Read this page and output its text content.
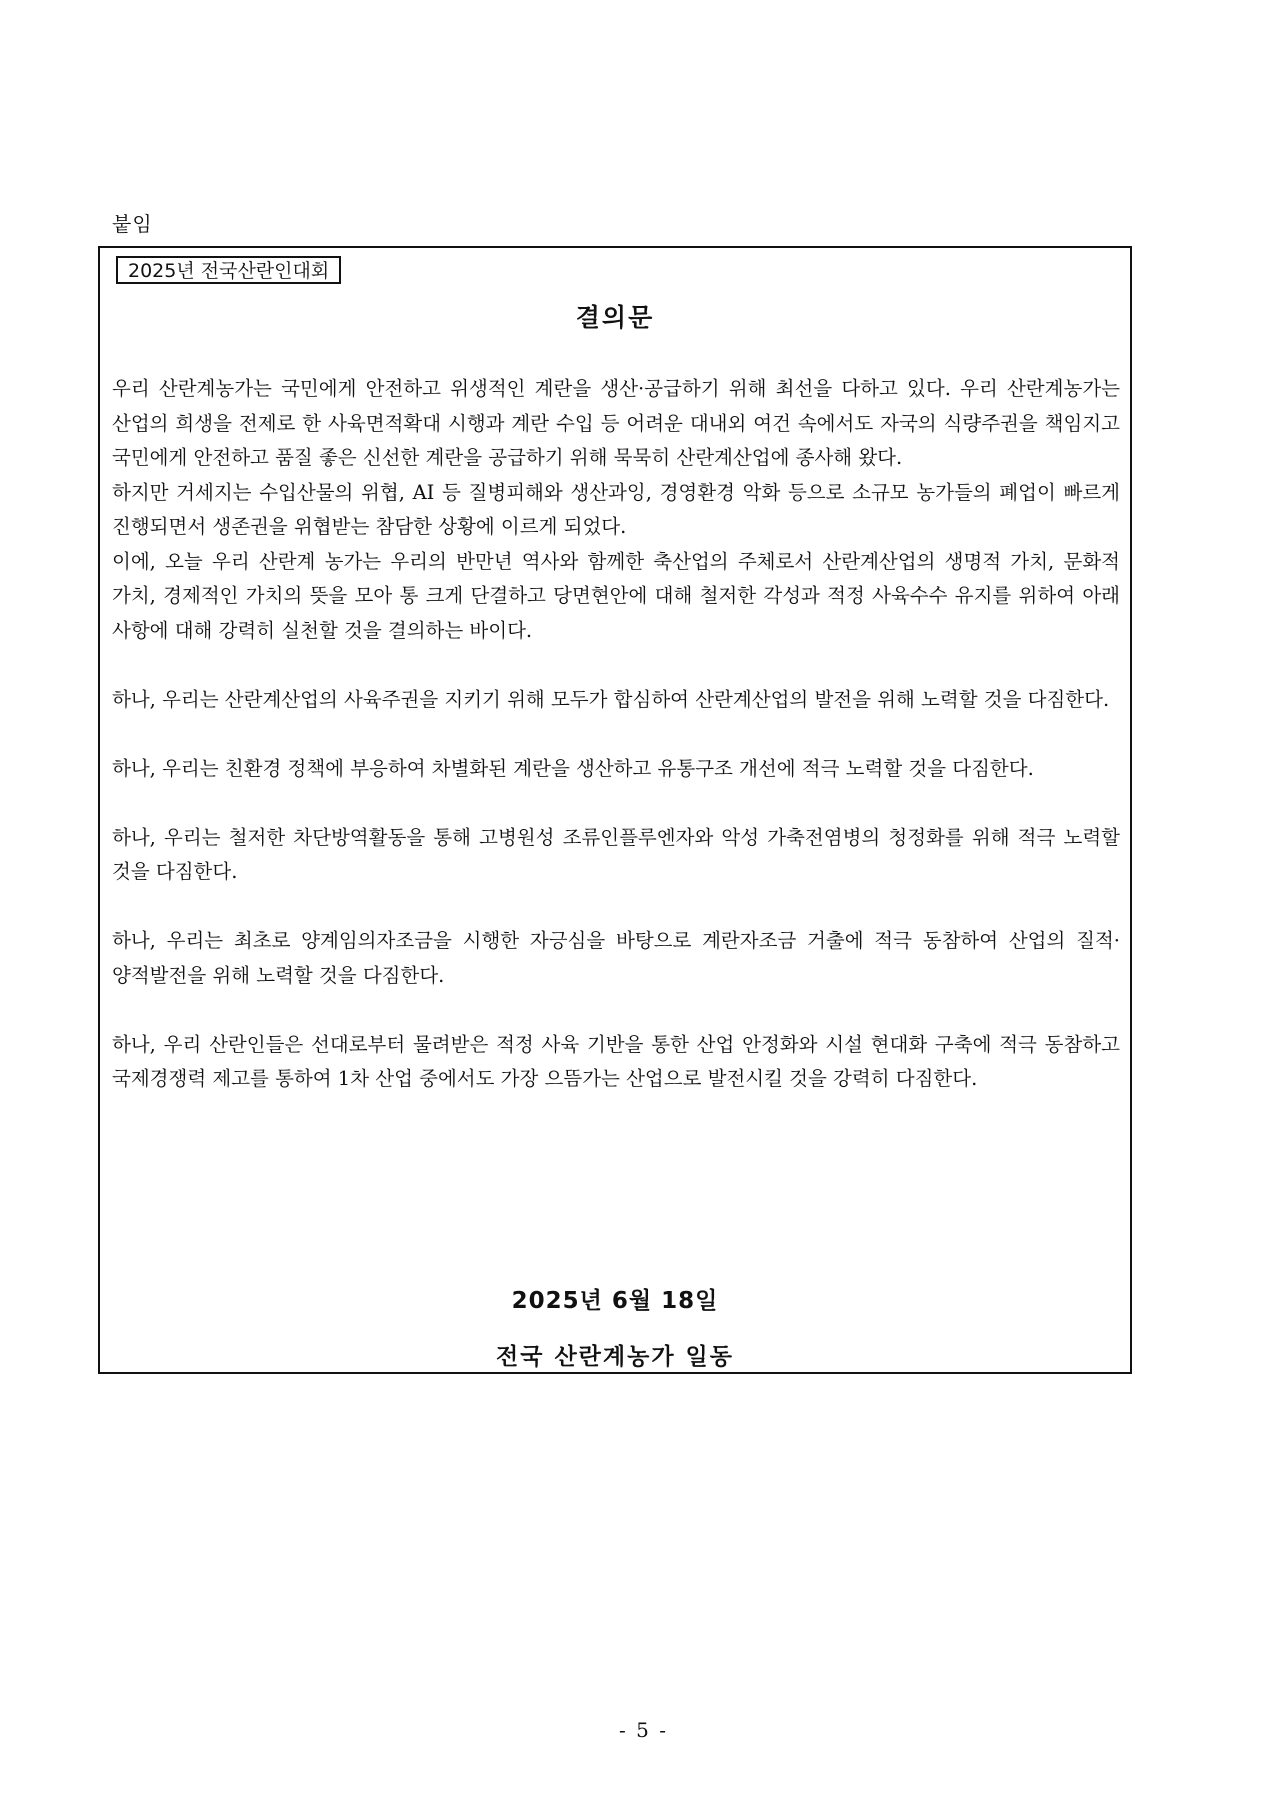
붙임
2025년 전국산란인대회
결의문

우리 산란계농가는 국민에게 안전하고 위생적인 계란을 생산·공급하기 위해 최선을 다하고 있다. 우리 산란계농가는 산업의 희생을 전제로 한 사육면적확대 시행과 계란 수입 등 어려운 대내외 여건 속에서도 자국의 식량주권을 책임지고 국민에게 안전하고 품질 좋은 신선한 계란을 공급하기 위해 묵묵히 산란계산업에 종사해 왔다.

하지만 거세지는 수입산물의 위협, AI 등 질병피해와 생산과잉, 경영환경 악화 등으로 소규모 농가들의 폐업이 빠르게 진행되면서 생존권을 위협받는 참담한 상황에 이르게 되었다.

이에, 오늘 우리 산란계 농가는 우리의 반만년 역사와 함께한 축산업의 주체로서 산란계산업의 생명적 가치, 문화적 가치, 경제적인 가치의 뜻을 모아 통 크게 단결하고 당면현안에 대해 철저한 각성과 적정 사육수수 유지를 위하여 아래 사항에 대해 강력히 실천할 것을 결의하는 바이다.

하나, 우리는 산란계산업의 사육주권을 지키기 위해 모두가 합심하여 산란계산업의 발전을 위해 노력할 것을 다짐한다.

하나, 우리는 친환경 정책에 부응하여 차별화된 계란을 생산하고 유통구조 개선에 적극 노력할 것을 다짐한다.

하나, 우리는 철저한 차단방역활동을 통해 고병원성 조류인플루엔자와 악성 가축전염병의 청정화를 위해 적극 노력할 것을 다짐한다.

하나, 우리는 최초로 양계임의자조금을 시행한 자긍심을 바탕으로 계란자조금 거출에 적극 동참하여 산업의 질적·양적발전을 위해 노력할 것을 다짐한다.

하나, 우리 산란인들은 선대로부터 물려받은 적정 사육 기반을 통한 산업 안정화와 시설 현대화 구축에 적극 동참하고 국제경쟁력 제고를 통하여 1차 산업 중에서도 가장 으뜸가는 산업으로 발전시킬 것을 강력히 다짐한다.

2025년 6월 18일
전국 산란계농가 일동
- 5 -
